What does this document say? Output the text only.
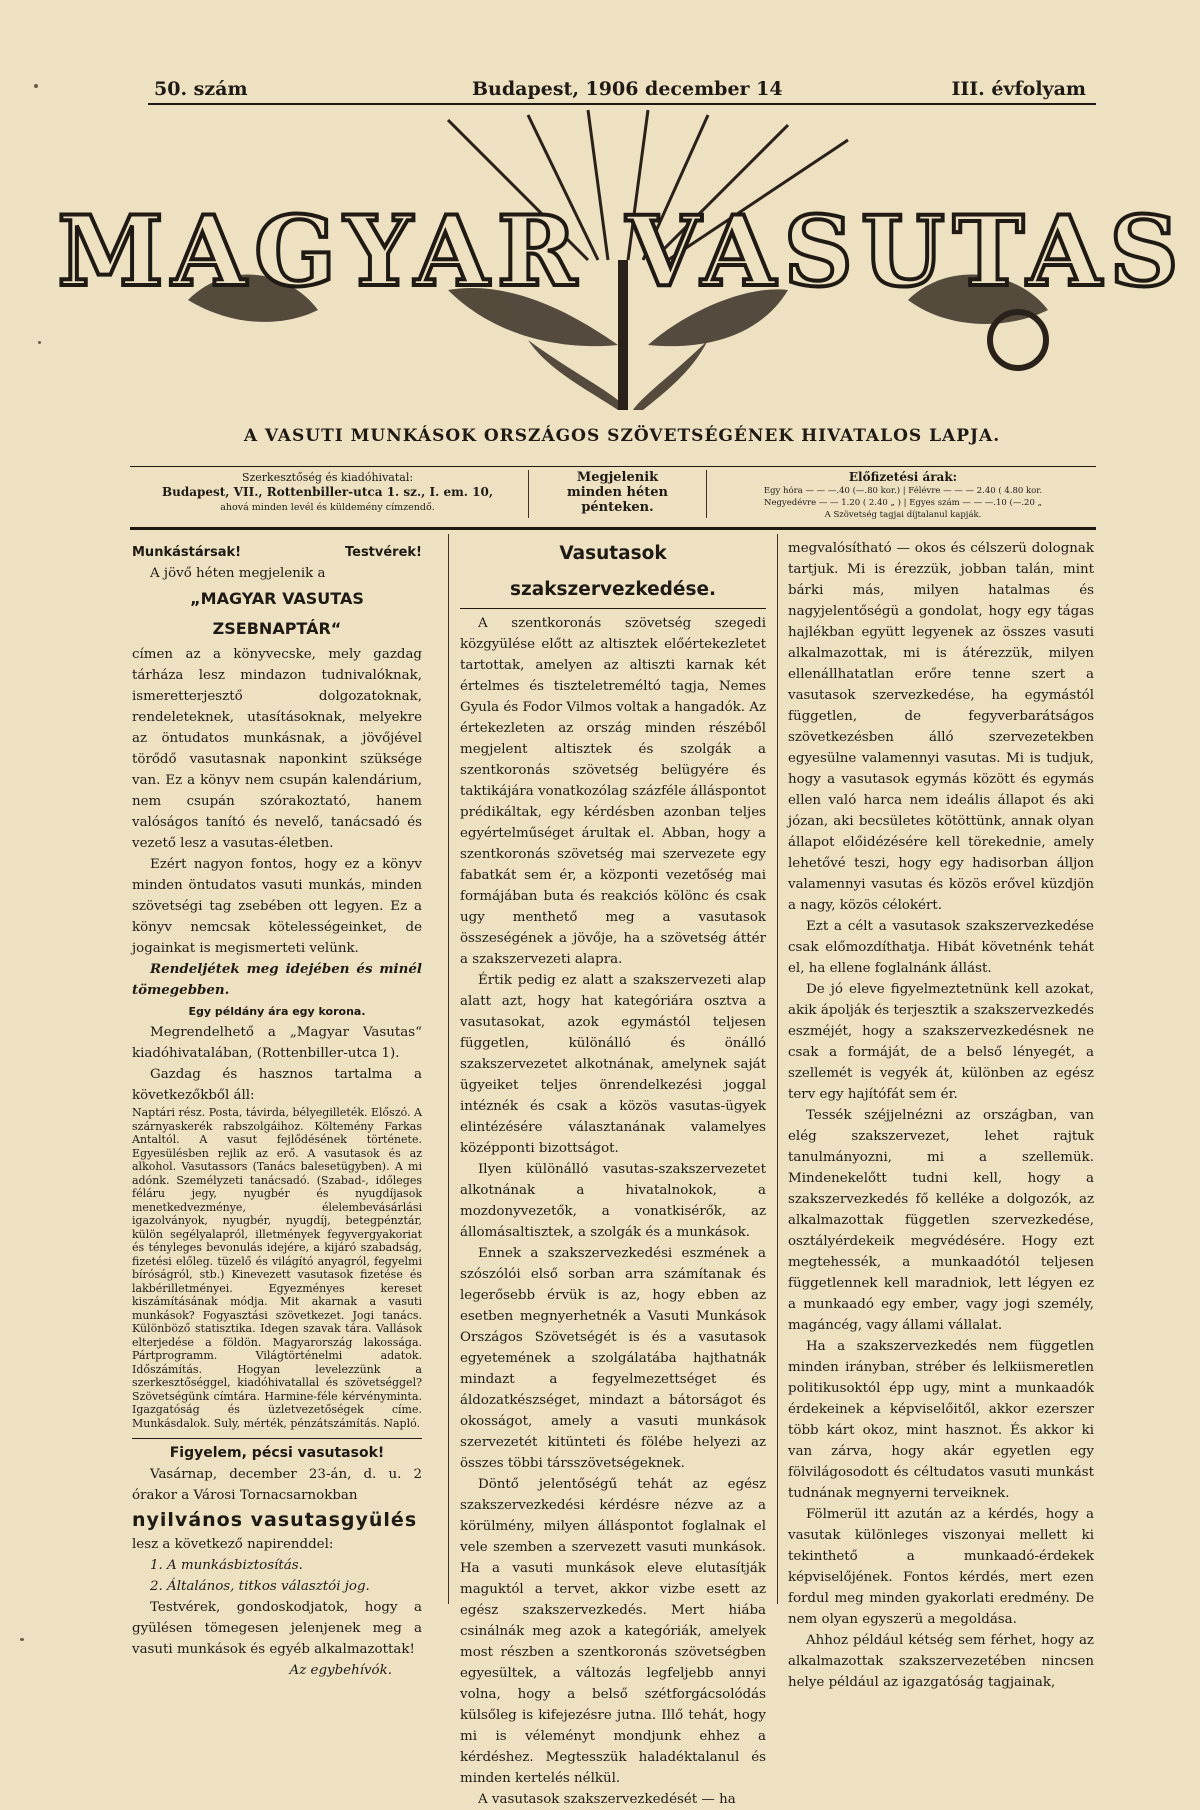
50. szám	Budapest, 1906 december 14	III. évfolyam
MAGYAR VASUTAS
A VASUTI MUNKÁSOK ORSZÁGOS SZÖVETSÉGÉNEK HIVATALOS LAPJA.
Szerkesztőség és kiadóhivatal:
Budapest, VII., Rottenbiller-utca 1. sz., I. em. 10,
ahová minden levél és küldemény címzendő.
Megjelenik
minden héten
pénteken.
Előfizetési árak:
Egy hóra — — —.40 (—.80 kor.) | Félévre — — — 2.40 ( 4.80 kor.
Negyedévre — — 1.20 ( 2.40 „ ) | Egyes szám — — —.10 (—.20 „
A Szövetség tagjai díjtalanul kapják.
Munkástársak!	Testvérek!

A jövő héten megjelenik a

„MAGYAR VASUTAS ZSEBNAPTÁR“

címen az a könyvecske, mely gazdag tárháza lesz mindazon tudnivalóknak, ismeretterjesztő dolgozatoknak, rendeleteknek, utasításoknak, melyekre az öntudatos munkásnak, a jövőjével törődő vasutasnak naponkint szüksége van. Ez a könyv nem csupán kalendárium, nem csupán szórakoztató, hanem valóságos tanító és nevelő, tanácsadó és vezető lesz a vasutas-életben.

Ezért nagyon fontos, hogy ez a könyv minden öntudatos vasuti munkás, minden szövetségi tag zsebében ott legyen. Ez a könyv nemcsak kötelességeinket, de jogainkat is megismerteti velünk.

Rendeljétek meg idejében és minél tömegebben.

Egy példány ára egy korona.

Megrendelhető a „Magyar Vasutas“ kiadóhivatalában, (Rottenbiller-utca 1).

Gazdag és hasznos tartalma a következőkből áll:

Naptári rész. Posta, távirda, bélyegilleték. Előszó. A szárnyaskerék rabszolgáihoz. Költemény Farkas Antaltól. A vasut fejlődésének története. Egyesülésben rejlik az erő. A vasutasok és az alkohol. Vasutassors (Tanács balesetügyben). A mi adónk. Személyzeti tanácsadó. (Szabad-, időleges féláru jegy, nyugbér és nyugdíjasok menetkedvezménye, élelembevásárlási igazolványok, nyugbér, nyugdíj, betegpénztár, külön segélyalapról, illetmények fegyvergyakoriat és tényleges bevonulás idejére, a kijáró szabadság, fizetési előleg. tüzelő és világító anyagról, fegyelmi bíróságról, stb.) Kinevezett vasutasok fizetése és lakbérilletményei. Egyezményes kereset kiszámításának módja. Mit akarnak a vasuti munkások? Fogyasztási szövetkezet. Jogi tanács. Különböző statisztika. Idegen szavak tára. Vallások elterjedése a földön. Magyarország lakossága. Pártprogramm. Világtörténelmi adatok. Időszámítás. Hogyan levelezzünk a szerkesztőséggel, kiadóhivatallal és szövetséggel? Szövetségünk címtára. Harmine-féle kérvényminta. Igazgatóság és üzletvezetőségek címe. Munkásdalok. Suly, mérték, pénzátszámítás. Napló.

Figyelem, pécsi vasutasok!

Vasárnap, december 23-án, d. u. 2 órakor a Városi Tornacsarnokban

nyilvános vasutasgyülés

lesz a következő napirenddel:

1. A munkásbiztosítás.

2. Általános, titkos választói jog.

Testvérek, gondoskodjatok, hogy a gyülésen tömegesen jelenjenek meg a vasuti munkások és egyéb alkalmazottak!

Az egybehívók.
Vasutasok szakszervezkedése.

A szentkoronás szövetség szegedi közgyülése előtt az altisztek előértekezletet tartottak, amelyen az altiszti karnak két értelmes és tiszteletreméltó tagja, Nemes Gyula és Fodor Vilmos voltak a hangadók. Az értekezleten az ország minden részéből megjelent altisztek és szolgák a szentkoronás szövetség belügyére és taktikájára vonatkozólag százféle álláspontot prédikáltak, egy kérdésben azonban teljes egyértelműséget árultak el. Abban, hogy a szentkoronás szövetség mai szervezete egy fabatkát sem ér, a központi vezetőség mai formájában buta és reakciós kölönc és csak ugy menthető meg a vasutasok összeségének a jövője, ha a szövetség áttér a szakszervezeti alapra.

Értik pedig ez alatt a szakszervezeti alap alatt azt, hogy hat kategóriára osztva a vasutasokat, azok egymástól teljesen független, különálló és önálló szakszervezetet alkotnának, amelynek saját ügyeiket teljes önrendelkezési joggal intéznék és csak a közös vasutas-ügyek elintézésére választanának valamelyes középponti bizottságot.

Ilyen különálló vasutas-szakszervezetet alkotnának a hivatalnokok, a mozdonyvezetők, a vonatkisérők, az állomásaltisztek, a szolgák és a munkások.

Ennek a szakszervezkedési eszmének a szószólói első sorban arra számítanak és legerősebb érvük is az, hogy ebben az esetben megnyerhetnék a Vasuti Munkások Országos Szövetségét is és a vasutasok egyetemének a szolgálatába hajthatnák mindazt a fegyelmezettséget és áldozatkészséget, mindazt a bátorságot és okosságot, amely a vasuti munkások szervezetét kitünteti és fölébe helyezi az összes többi társszövetségeknek.

Döntő jelentőségű tehát az egész szakszervezkedési kérdésre nézve az a körülmény, milyen álláspontot foglalnak el vele szemben a szervezett vasuti munkások. Ha a vasuti munkások eleve elutasítják maguktól a tervet, akkor vizbe esett az egész szakszervezkedés. Mert hiába csinálnák meg azok a kategóriák, amelyek most részben a szentkoronás szövetségben egyesültek, a változás legfeljebb annyi volna, hogy a belső szétforgácsolódás külsőleg is kifejezésre jutna. Illő tehát, hogy mi is véleményt mondjunk ehhez a kérdéshez. Megtesszük haladéktalanul és minden kertelés nélkül.

A vasutasok szakszervezkedését — ha

megvalósítható — okos és célszerü dolognak tartjuk. Mi is érezzük, jobban talán, mint bárki más, milyen hatalmas és nagyjelentőségü a gondolat, hogy egy tágas hajlékban együtt legyenek az összes vasuti alkalmazottak, mi is átérezzük, milyen ellenállhatatlan erőre tenne szert a vasutasok szervezkedése, ha egymástól független, de fegyverbarátságos szövetkezésben álló szervezetekben egyesülne valamennyi vasutas. Mi is tudjuk, hogy a vasutasok egymás között és egymás ellen való harca nem ideális állapot és aki józan, aki becsületes kötöttünk, annak olyan állapot előidézésére kell törekednie, amely lehetővé teszi, hogy egy hadisorban álljon valamennyi vasutas és közös erővel küzdjön a nagy, közös célokért.

Ezt a célt a vasutasok szakszervezkedése csak előmozdíthatja. Hibát követnénk tehát el, ha ellene foglalnánk állást.

De jó eleve figyelmeztetnünk kell azokat, akik ápolják és terjesztik a szakszervezkedés eszméjét, hogy a szakszervezkedésnek ne csak a formáját, de a belső lényegét, a szellemét is vegyék át, különben az egész terv egy hajítófát sem ér.

Tessék széjjelnézni az országban, van elég szakszervezet, lehet rajtuk tanulmányozni, mi a szellemük. Mindenekelőtt tudni kell, hogy a szakszervezkedés fő kelléke a dolgozók, az alkalmazottak független szervezkedése, osztályérdekeik megvédésére. Hogy ezt megtehessék, a munkaadótól teljesen függetlennek kell maradniok, lett légyen ez a munkaadó egy ember, vagy jogi személy, magáncég, vagy állami vállalat.

Ha a szakszervezkedés nem független minden irányban, stréber és lelkiismeretlen politikusoktól épp ugy, mint a munkaadók érdekeinek a képviselőitől, akkor ezerszer több kárt okoz, mint hasznot. És akkor ki van zárva, hogy akár egyetlen egy fölvilágosodott és céltudatos vasuti munkást tudnának megnyerni terveiknek.

Fölmerül itt azután az a kérdés, hogy a vasutak különleges viszonyai mellett ki tekinthető a munkaadó-érdekek képviselőjének. Fontos kérdés, mert ezen fordul meg minden gyakorlati eredmény. De nem olyan egyszerü a megoldása.

Ahhoz például kétség sem férhet, hogy az alkalmazottak szakszervezetében nincsen helye például az igazgatóság tagjainak,
